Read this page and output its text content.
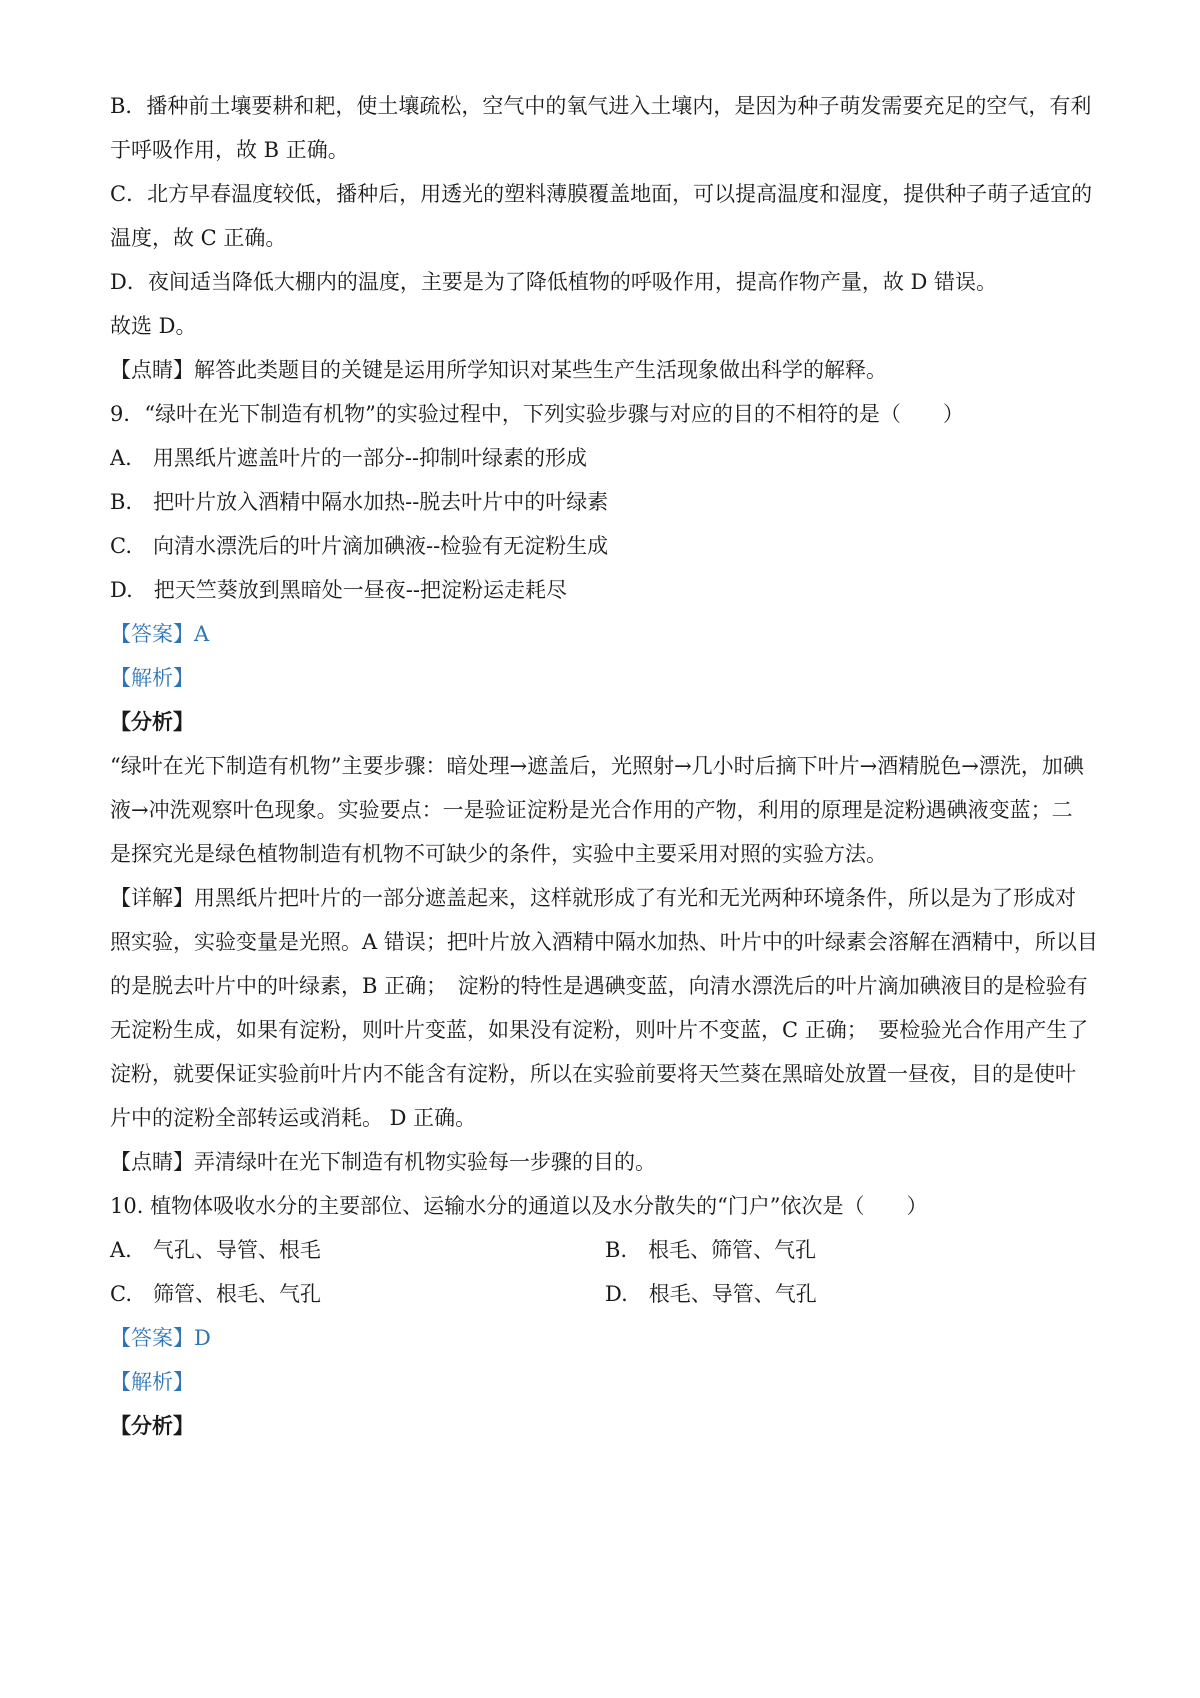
B．播种前土壤要耕和耙，使土壤疏松，空气中的氧气进入土壤内，是因为种子萌发需要充足的空气，有利
于呼吸作用，故 B 正确。
C．北方早春温度较低，播种后，用透光的塑料薄膜覆盖地面，可以提高温度和湿度，提供种子萌子适宜的
温度，故 C 正确。
D．夜间适当降低大棚内的温度，主要是为了降低植物的呼吸作用，提高作物产量，故 D 错误。
故选 D。
【点睛】解答此类题目的关键是运用所学知识对某些生产生活现象做出科学的解释。
9．“绿叶在光下制造有机物”的实验过程中，下列实验步骤与对应的目的不相符的是（　　）
A.　用黑纸片遮盖叶片的一部分--抑制叶绿素的形成
B.　把叶片放入酒精中隔水加热--脱去叶片中的叶绿素
C.　向清水漂洗后的叶片滴加碘液--检验有无淀粉生成
D.　把天竺葵放到黑暗处一昼夜--把淀粉运走耗尽
【答案】A
【解析】
【分析】
“绿叶在光下制造有机物”主要步骤：暗处理→遮盖后，光照射→几小时后摘下叶片→酒精脱色→漂洗，加碘
液→冲洗观察叶色现象。实验要点：一是验证淀粉是光合作用的产物，利用的原理是淀粉遇碘液变蓝；二
是探究光是绿色植物制造有机物不可缺少的条件，实验中主要采用对照的实验方法。
【详解】用黑纸片把叶片的一部分遮盖起来，这样就形成了有光和无光两种环境条件，所以是为了形成对
照实验，实验变量是光照。A 错误；把叶片放入酒精中隔水加热、叶片中的叶绿素会溶解在酒精中，所以目
的是脱去叶片中的叶绿素，B 正确；　淀粉的特性是遇碘变蓝，向清水漂洗后的叶片滴加碘液目的是检验有
无淀粉生成，如果有淀粉，则叶片变蓝，如果没有淀粉，则叶片不变蓝，C 正确；　要检验光合作用产生了
淀粉，就要保证实验前叶片内不能含有淀粉，所以在实验前要将天竺葵在黑暗处放置一昼夜，目的是使叶
片中的淀粉全部转运或消耗。 D 正确。
【点睛】弄清绿叶在光下制造有机物实验每一步骤的目的。
10. 植物体吸收水分的主要部位、运输水分的通道以及水分散失的“门户”依次是（　　）
A.　气孔、导管、根毛	B.　根毛、筛管、气孔
C.　筛管、根毛、气孔	D.　根毛、导管、气孔
【答案】D
【解析】
【分析】
